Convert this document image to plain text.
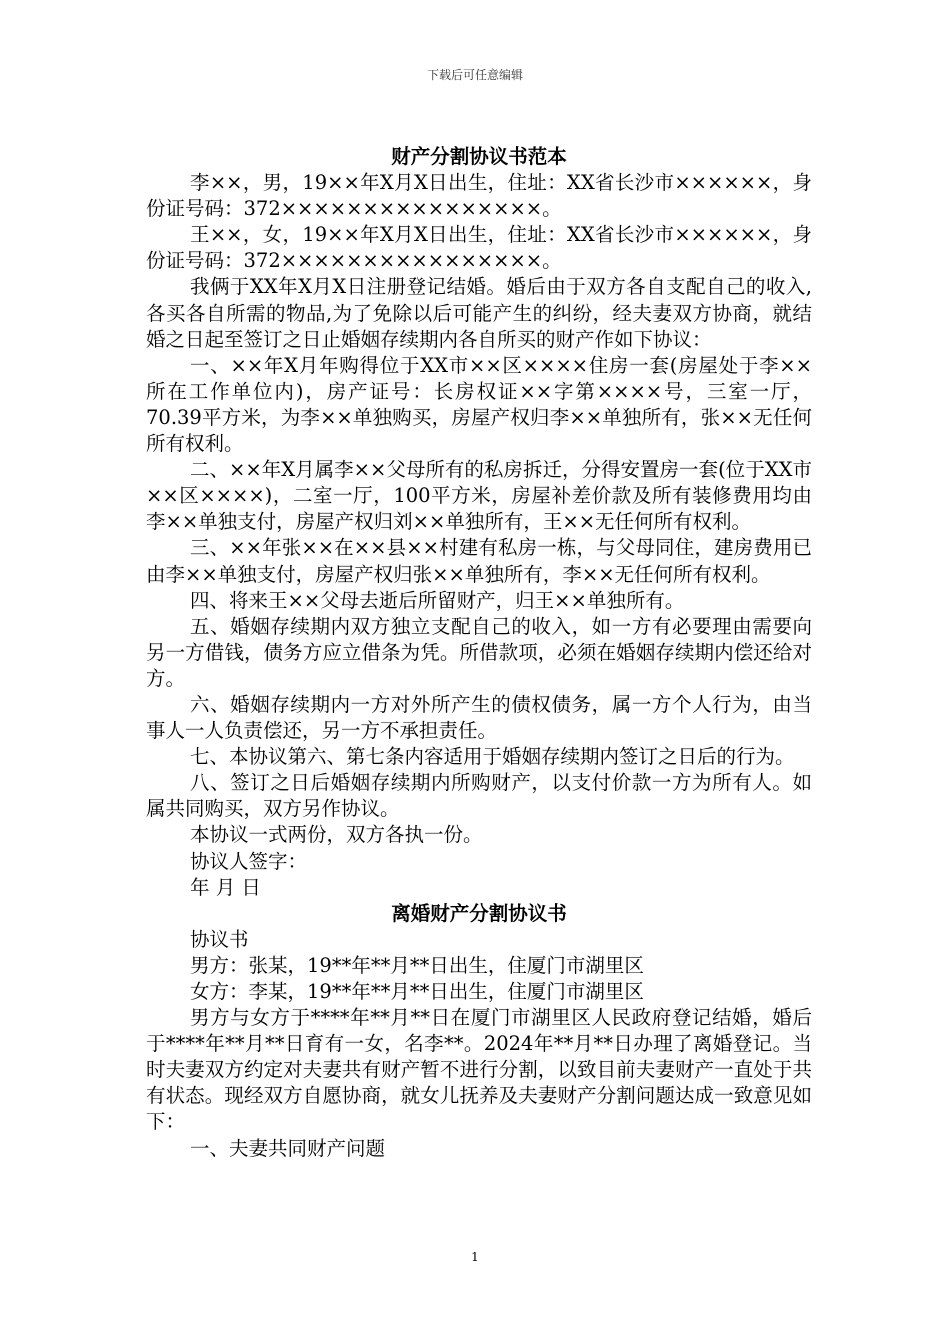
下载后可任意编辑
财产分割协议书范本

李××，男，19××年X月X日出生，住址：XX省长沙市××××××，身份证号码：372××××××××××××××××。

王××，女，19××年X月X日出生，住址：XX省长沙市××××××，身份证号码：372××××××××××××××××。

我俩于XX年X月X日注册登记结婚。婚后由于双方各自支配自己的收入,各买各自所需的物品,为了免除以后可能产生的纠纷，经夫妻双方协商，就结婚之日起至签订之日止婚姻存续期内各自所买的财产作如下协议：

一、××年X月年购得位于XX市××区××××住房一套(房屋处于李××所在工作单位内)，房产证号：长房权证××字第××××号，三室一厅，70.39平方米，为李××单独购买，房屋产权归李××单独所有，张××无任何所有权利。

二、××年X月属李××父母所有的私房拆迁，分得安置房一套(位于XX市××区××××)，二室一厅，100平方米，房屋补差价款及所有装修费用均由李××单独支付，房屋产权归刘××单独所有，王××无任何所有权利。

三、××年张××在××县××村建有私房一栋，与父母同住，建房费用已由李××单独支付，房屋产权归张××单独所有，李××无任何所有权利。

四、将来王××父母去逝后所留财产，归王××单独所有。

五、婚姻存续期内双方独立支配自己的收入，如一方有必要理由需要向另一方借钱，债务方应立借条为凭。所借款项，必须在婚姻存续期内偿还给对方。

六、婚姻存续期内一方对外所产生的债权债务，属一方个人行为，由当事人一人负责偿还，另一方不承担责任。

七、本协议第六、第七条内容适用于婚姻存续期内签订之日后的行为。

八、签订之日后婚姻存续期内所购财产，以支付价款一方为所有人。如属共同购买，双方另作协议。

本协议一式两份，双方各执一份。

协议人签字：

年 月 日

离婚财产分割协议书

协议书

男方：张某，19**年**月**日出生，住厦门市湖里区

女方：李某，19**年**月**日出生，住厦门市湖里区

男方与女方于****年**月**日在厦门市湖里区人民政府登记结婚，婚后于****年**月**日育有一女，名李**。2024年**月**日办理了离婚登记。当时夫妻双方约定对夫妻共有财产暂不进行分割，以致目前夫妻财产一直处于共有状态。现经双方自愿协商，就女儿抚养及夫妻财产分割问题达成一致意见如下：

一、夫妻共同财产问题

1
